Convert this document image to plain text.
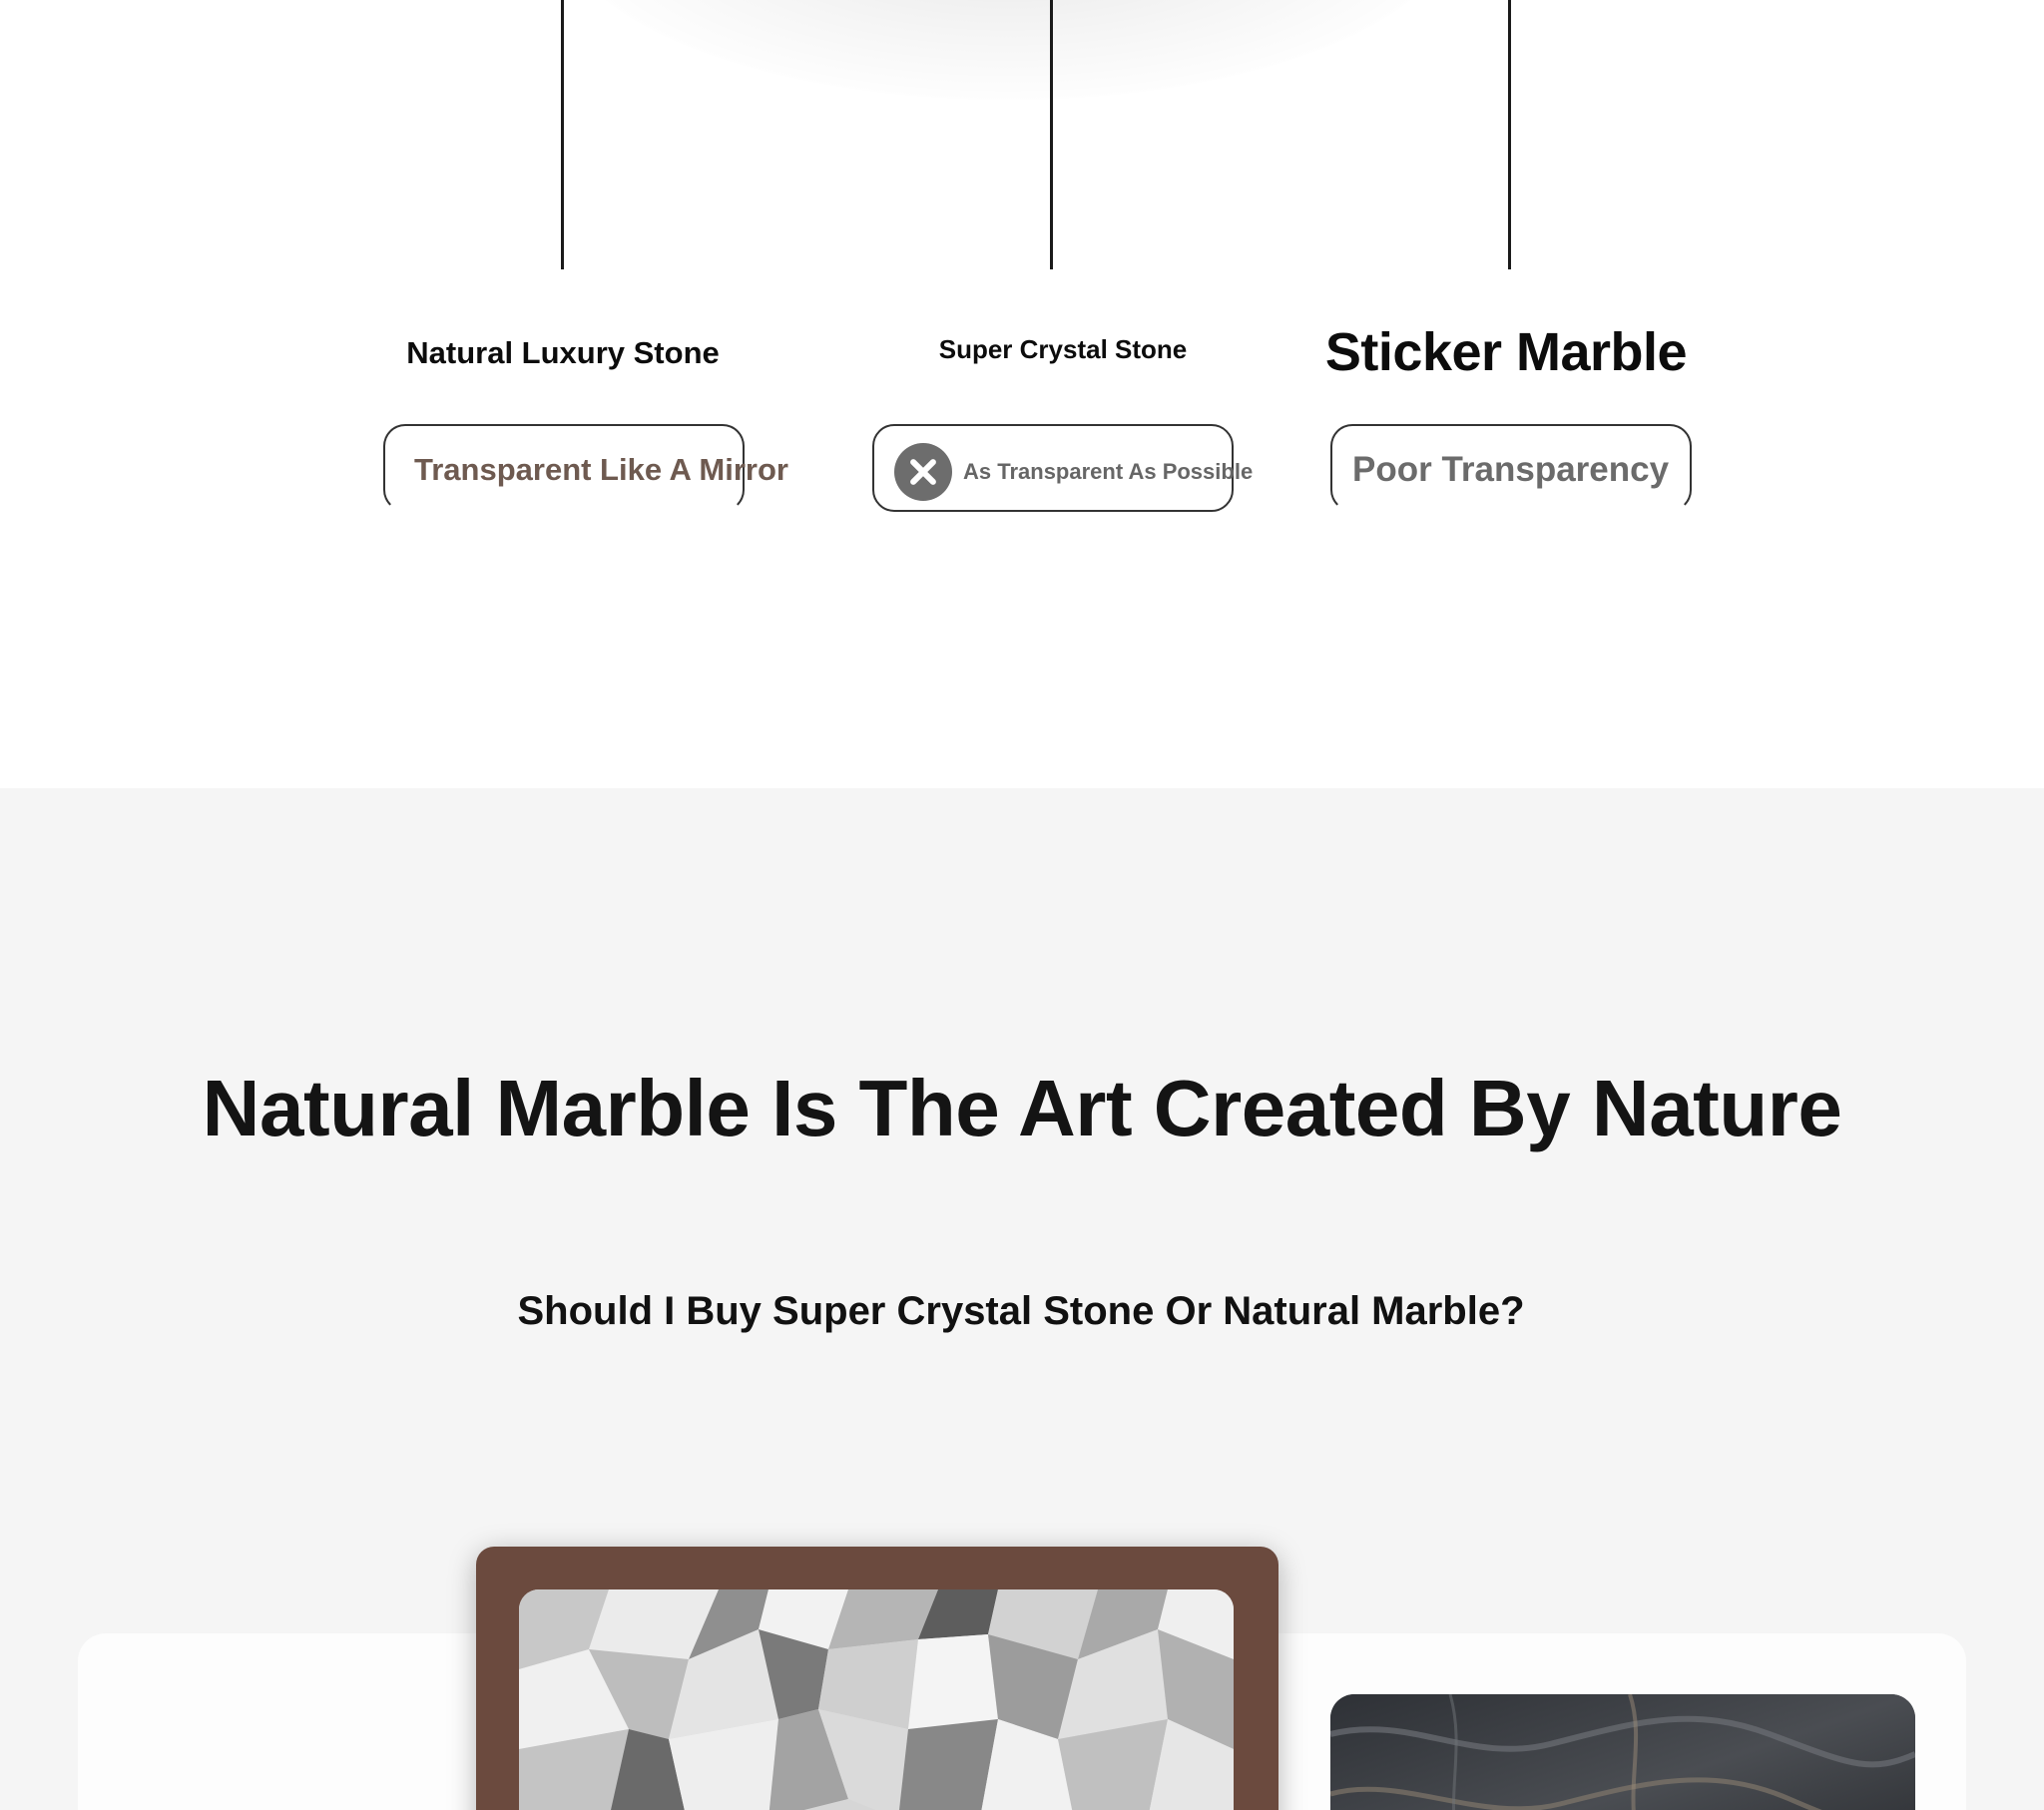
Natural Luxury Stone	Super Crystal Stone	Sticker Marble
Transparent Like A Mirror	As Transparent As Possible	Poor Transparency
Natural Marble Is The Art Created By Nature
Should I Buy Super Crystal Stone Or Natural Marble?
